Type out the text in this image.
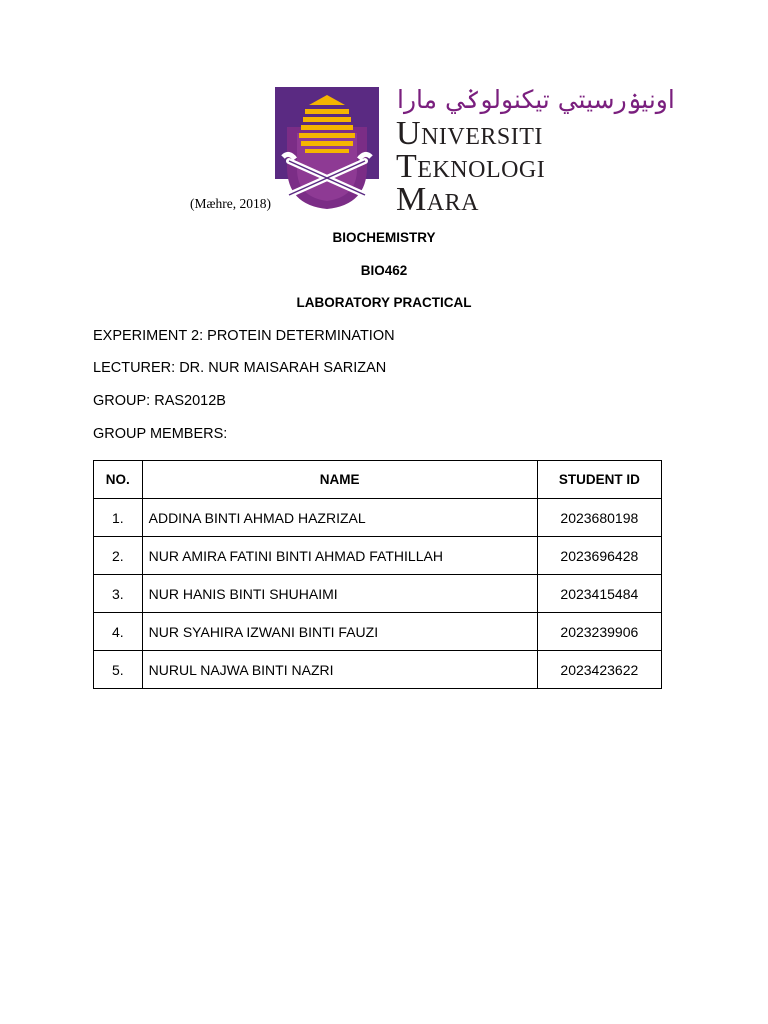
اونيۏرسيتي تيكنولوݢي مارا
UNIVERSITI
TEKNOLOGI
MARA
(Mæhre, 2018)
BIOCHEMISTRY
BIO462
LABORATORY PRACTICAL
EXPERIMENT 2: PROTEIN DETERMINATION
LECTURER: DR. NUR MAISARAH SARIZAN
GROUP: RAS2012B
GROUP MEMBERS:
NO.	NAME	STUDENT ID
1.	ADDINA BINTI AHMAD HAZRIZAL	2023680198
2.	NUR AMIRA FATINI BINTI AHMAD FATHILLAH	2023696428
3.	NUR HANIS BINTI SHUHAIMI	2023415484
4.	NUR SYAHIRA IZWANI BINTI FAUZI	2023239906
5.	NURUL NAJWA BINTI NAZRI	2023423622
